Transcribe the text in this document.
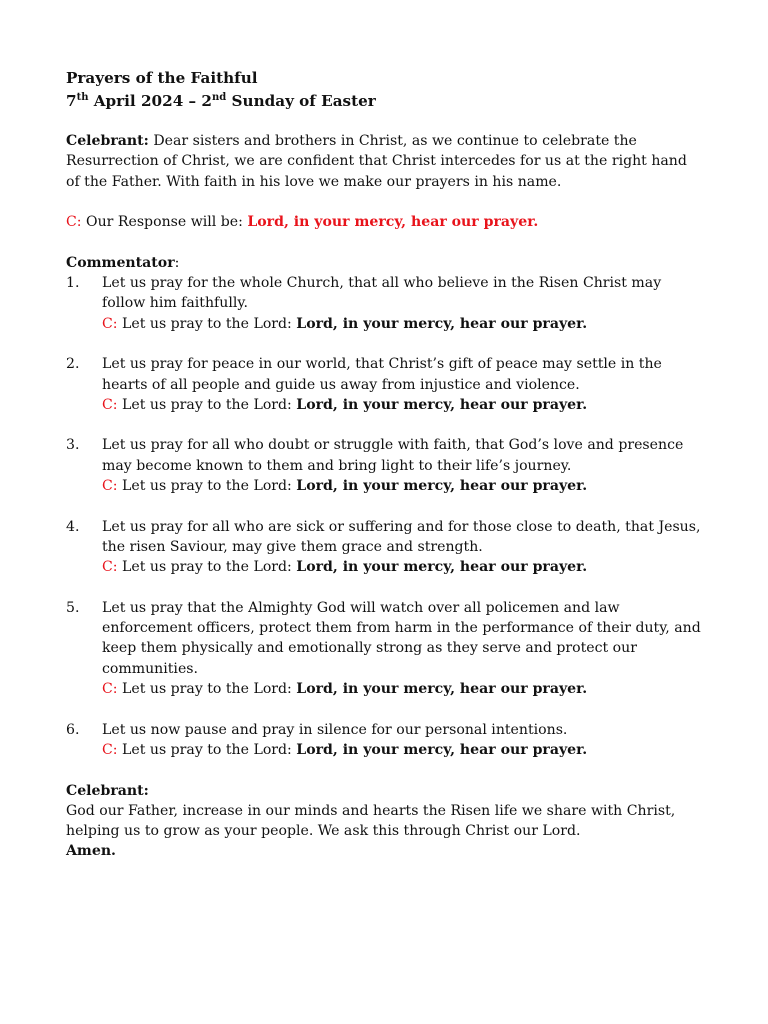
Prayers of the Faithful

7th April 2024 – 2nd Sunday of Easter

Celebrant: Dear sisters and brothers in Christ, as we continue to celebrate the Resurrection of Christ, we are confident that Christ intercedes for us at the right hand of the Father. With faith in his love we make our prayers in his name.

C: Our Response will be: Lord, in your mercy, hear our prayer.

Commentator:

1. Let us pray for the whole Church, that all who believe in the Risen Christ may follow him faithfully.
C: Let us pray to the Lord: Lord, in your mercy, hear our prayer.
2. Let us pray for peace in our world, that Christ’s gift of peace may settle in the hearts of all people and guide us away from injustice and violence.
C: Let us pray to the Lord: Lord, in your mercy, hear our prayer.
3. Let us pray for all who doubt or struggle with faith, that God’s love and presence may become known to them and bring light to their life’s journey.
C: Let us pray to the Lord: Lord, in your mercy, hear our prayer.
4. Let us pray for all who are sick or suffering and for those close to death, that Jesus, the risen Saviour, may give them grace and strength.
C: Let us pray to the Lord: Lord, in your mercy, hear our prayer.
5. Let us pray that the Almighty God will watch over all policemen and law enforcement officers, protect them from harm in the performance of their duty, and keep them physically and emotionally strong as they serve and protect our communities.
C: Let us pray to the Lord: Lord, in your mercy, hear our prayer.
6. Let us now pause and pray in silence for our personal intentions.
C: Let us pray to the Lord: Lord, in your mercy, hear our prayer.

Celebrant:

God our Father, increase in our minds and hearts the Risen life we share with Christ, helping us to grow as your people. We ask this through Christ our Lord.

Amen.
